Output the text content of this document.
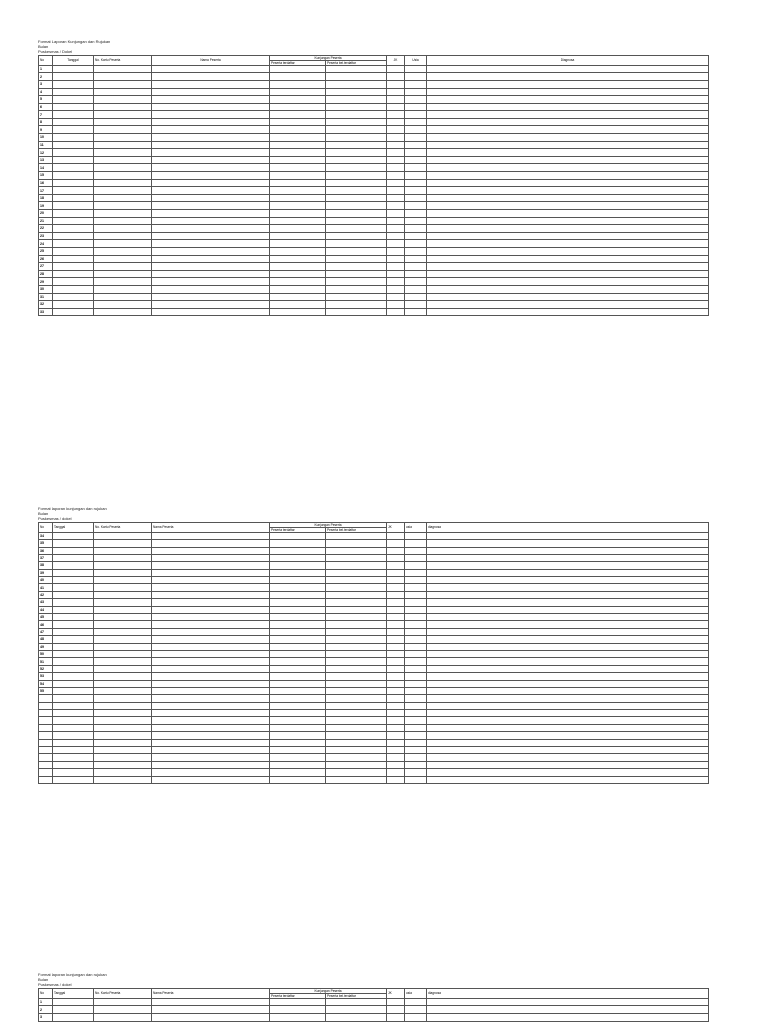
Format Laporan Kunjungan dan Rujukan
Bulan
Puskesmas / Dokel
No	Tanggal	No. Kartu Peserta	Nama Peserta	Kunjungan Peserta		JK	Usia	Diagnosa
				Peserta terdaftar	Peserta bel.terdaftar			
1								
2								
3								
4								
5								
6								
7								
8								
9								
10								
11								
12								
13								
14								
15								
16								
17								
18								
19								
20								
21								
22								
23								
24								
25								
26								
27								
28								
29								
30								
31								
32								
33								
Format laporan kunjungan dan rujukan
Bulan
Puskesmas / dokel
No	Tanggal	No. Kartu Peserta	Nama Peserta	Kunjungan Peserta		JK	usia	diagnosa
				Peserta terdaftar	Peserta bel.terdaftar			
34								
35								
36								
37								
38								
39								
40								
41								
42								
43								
44								
45								
46								
47								
48								
49								
50								
51								
52								
53								
54								
55								

Format laporan kunjungan dan rujukan
Bulan
Puskesmas / dokel
No	Tanggal	No. Kartu Peserta	Nama Peserta	Kunjungan Peserta		JK	usia	diagnosa
				Peserta terdaftar	Peserta bel.terdaftar			
1								
2								
3								
